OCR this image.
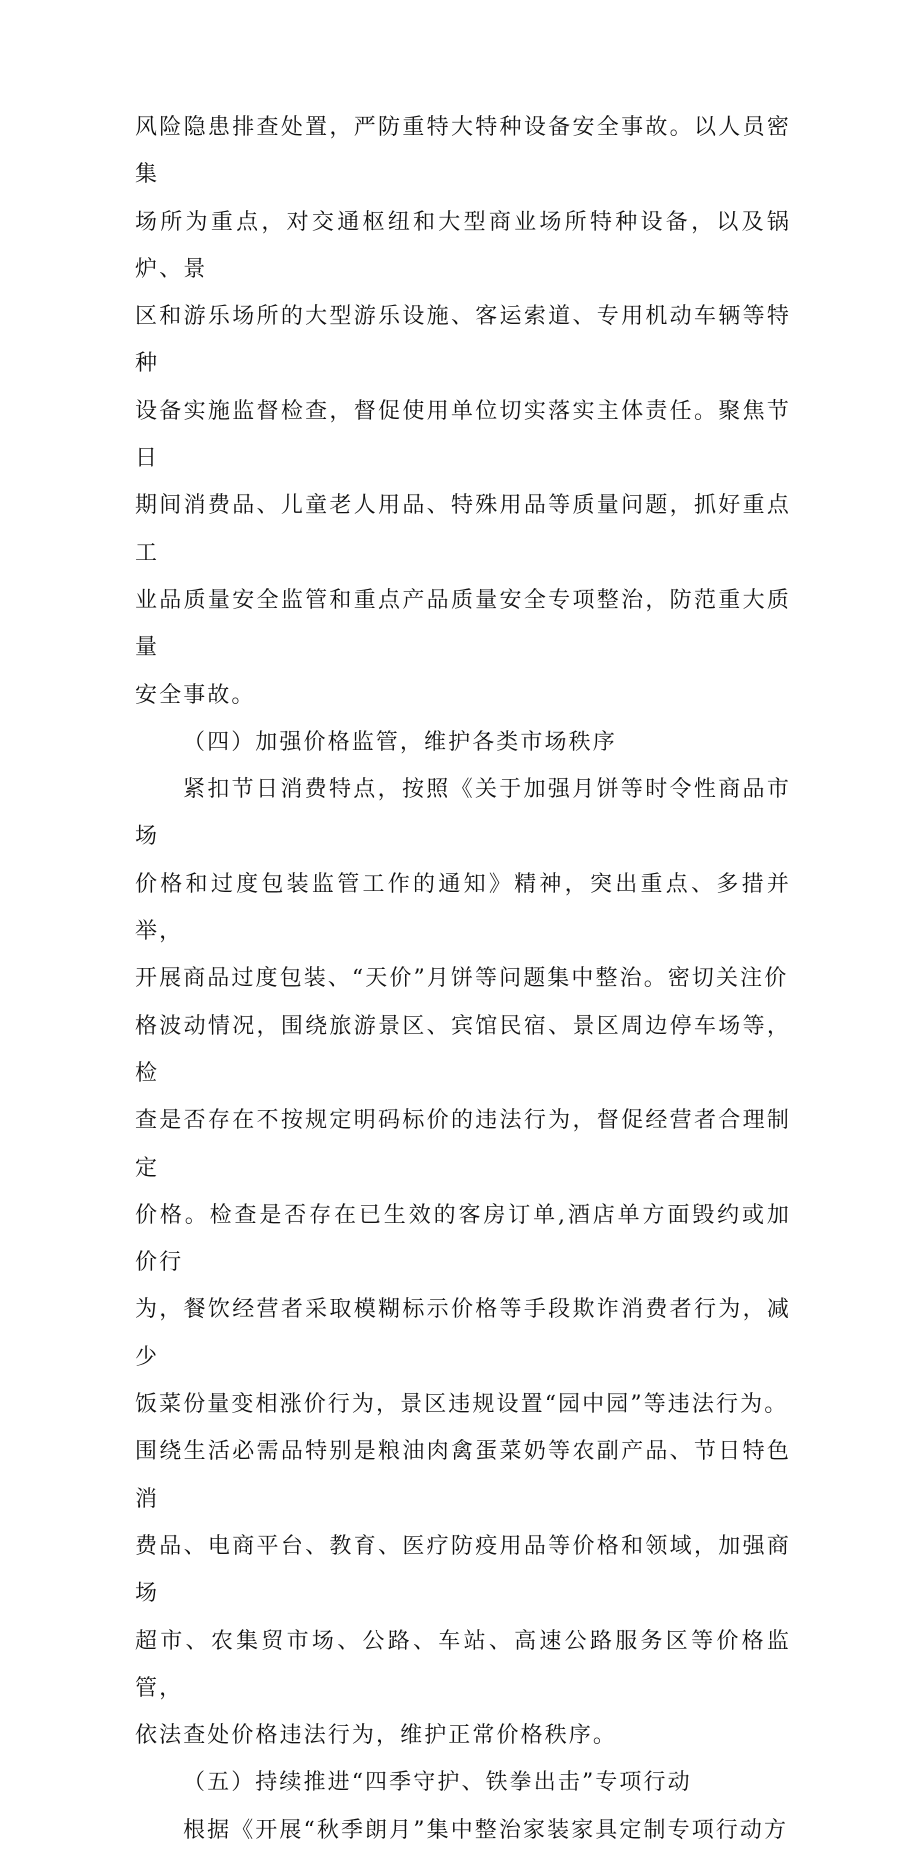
风险隐患排查处置，严防重特大特种设备安全事故。以人员密集
场所为重点，对交通枢纽和大型商业场所特种设备，以及锅炉、景
区和游乐场所的大型游乐设施、客运索道、专用机动车辆等特种
设备实施监督检查，督促使用单位切实落实主体责任。聚焦节日
期间消费品、儿童老人用品、特殊用品等质量问题，抓好重点工
业品质量安全监管和重点产品质量安全专项整治，防范重大质量
安全事故。

（四）加强价格监管，维护各类市场秩序

紧扣节日消费特点，按照《关于加强月饼等时令性商品市场
价格和过度包装监管工作的通知》精神，突出重点、多措并举，
开展商品过度包装、“天价”月饼等问题集中整治。密切关注价
格波动情况，围绕旅游景区、宾馆民宿、景区周边停车场等，检
查是否存在不按规定明码标价的违法行为，督促经营者合理制定
价格。检查是否存在已生效的客房订单,酒店单方面毁约或加价行
为，餐饮经营者采取模糊标示价格等手段欺诈消费者行为，减少
饭菜份量变相涨价行为，景区违规设置“园中园”等违法行为。
围绕生活必需品特别是粮油肉禽蛋菜奶等农副产品、节日特色消
费品、电商平台、教育、医疗防疫用品等价格和领域，加强商场
超市、农集贸市场、公路、车站、高速公路服务区等价格监管，
依法查处价格违法行为，维护正常价格秩序。

（五）持续推进“四季守护、铁拳出击”专项行动

根据《开展“秋季朗月”集中整治家装家具定制专项行动方
